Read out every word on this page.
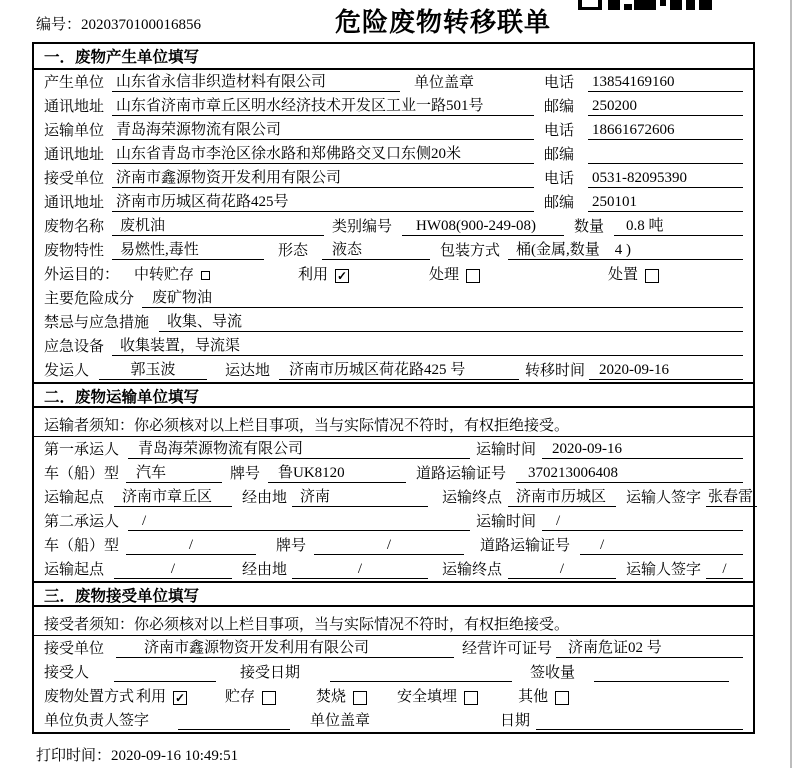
编号：2020370100016856	危险废物转移联单
一．废物产生单位填写
产生单位 山东省永信非织造材料有限公司	单位盖章	电话	13854169160
通讯地址 山东省济南市章丘区明水经济技术开发区工业一路501号	邮编	250200
运输单位 青岛海荣源物流有限公司	电话	18661672606
通讯地址 山东省青岛市李沧区徐水路和郑佛路交叉口东侧20米	邮编
接受单位 济南市鑫源物资开发利用有限公司	电话	0531-82095390
通讯地址 济南市历城区荷花路425号	邮编	250101
废物名称	废机油	类别编号	HW08(900-249-08)	数量	0.8 吨
废物特性	易燃性,毒性	形态	液态	包装方式	桶(金属,数量　4 )
外运目的： 中转贮存	利用 ✓	处理	处置
主要危险成分	废矿物油
禁忌与应急措施	收集、导流
应急设备	收集装置，导流渠
发运人	郭玉波	运达地	济南市历城区荷花路425 号	转移时间 2020-09-16
二．废物运输单位填写
运输者须知：你必须核对以上栏目事项，当与实际情况不符时，有权拒绝接受。
第一承运人	青岛海荣源物流有限公司	运输时间	2020-09-16
车（船）型	汽车	牌号	鲁UK8120	道路运输证号	370213006408
运输起点	济南市章丘区	经由地 济南	运输终点 济南市历城区	运输人签字 张春雷
第二承运人	/	运输时间	/
车（船）型	/	牌号	/	道路运输证号	/
运输起点	/	经由地	/	运输终点	/	运输人签字	/
三．废物接受单位填写
接受者须知：你必须核对以上栏目事项，当与实际情况不符时，有权拒绝接受。
接受单位	济南市鑫源物资开发利用有限公司	经营许可证号	济南危证02 号
接受人	接受日期	签收量
废物处置方式 利用 ✓	贮存	焚烧	安全填埋	其他
单位负责人签字	单位盖章	日期
打印时间：2020-09-16 10:49:51
